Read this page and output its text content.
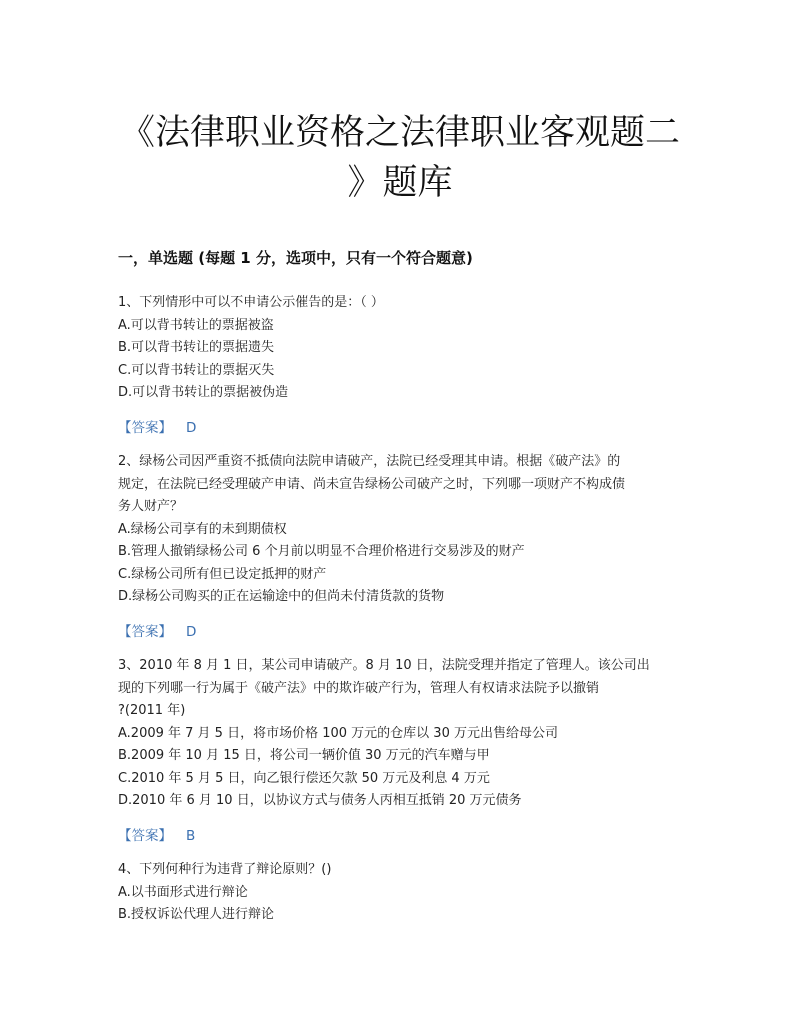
《法律职业资格之法律职业客观题二
》题库
一，单选题 (每题 1 分，选项中，只有一个符合题意)
1、下列情形中可以不申请公示催告的是：（ ）
A.可以背书转让的票据被盗
B.可以背书转让的票据遗失
C.可以背书转让的票据灭失
D.可以背书转让的票据被伪造
【答案】 D
2、绿杨公司因严重资不抵债向法院申请破产，法院已经受理其申请。根据《破产法》的
规定，在法院已经受理破产申请、尚未宣告绿杨公司破产之时，下列哪一项财产不构成债
务人财产？
A.绿杨公司享有的未到期债权
B.管理人撤销绿杨公司 6 个月前以明显不合理价格进行交易涉及的财产
C.绿杨公司所有但已设定抵押的财产
D.绿杨公司购买的正在运输途中的但尚未付清货款的货物
【答案】 D
3、2010 年 8 月 1 日，某公司申请破产。8 月 10 日，法院受理并指定了管理人。该公司出
现的下列哪一行为属于《破产法》中的欺诈破产行为，管理人有权请求法院予以撤销
?(2011 年)
A.2009 年 7 月 5 日，将市场价格 100 万元的仓库以 30 万元出售给母公司
B.2009 年 10 月 15 日，将公司一辆价值 30 万元的汽车赠与甲
C.2010 年 5 月 5 日，向乙银行偿还欠款 50 万元及利息 4 万元
D.2010 年 6 月 10 日，以协议方式与债务人丙相互抵销 20 万元债务
【答案】 B
4、下列何种行为违背了辩论原则？()
A.以书面形式进行辩论
B.授权诉讼代理人进行辩论
